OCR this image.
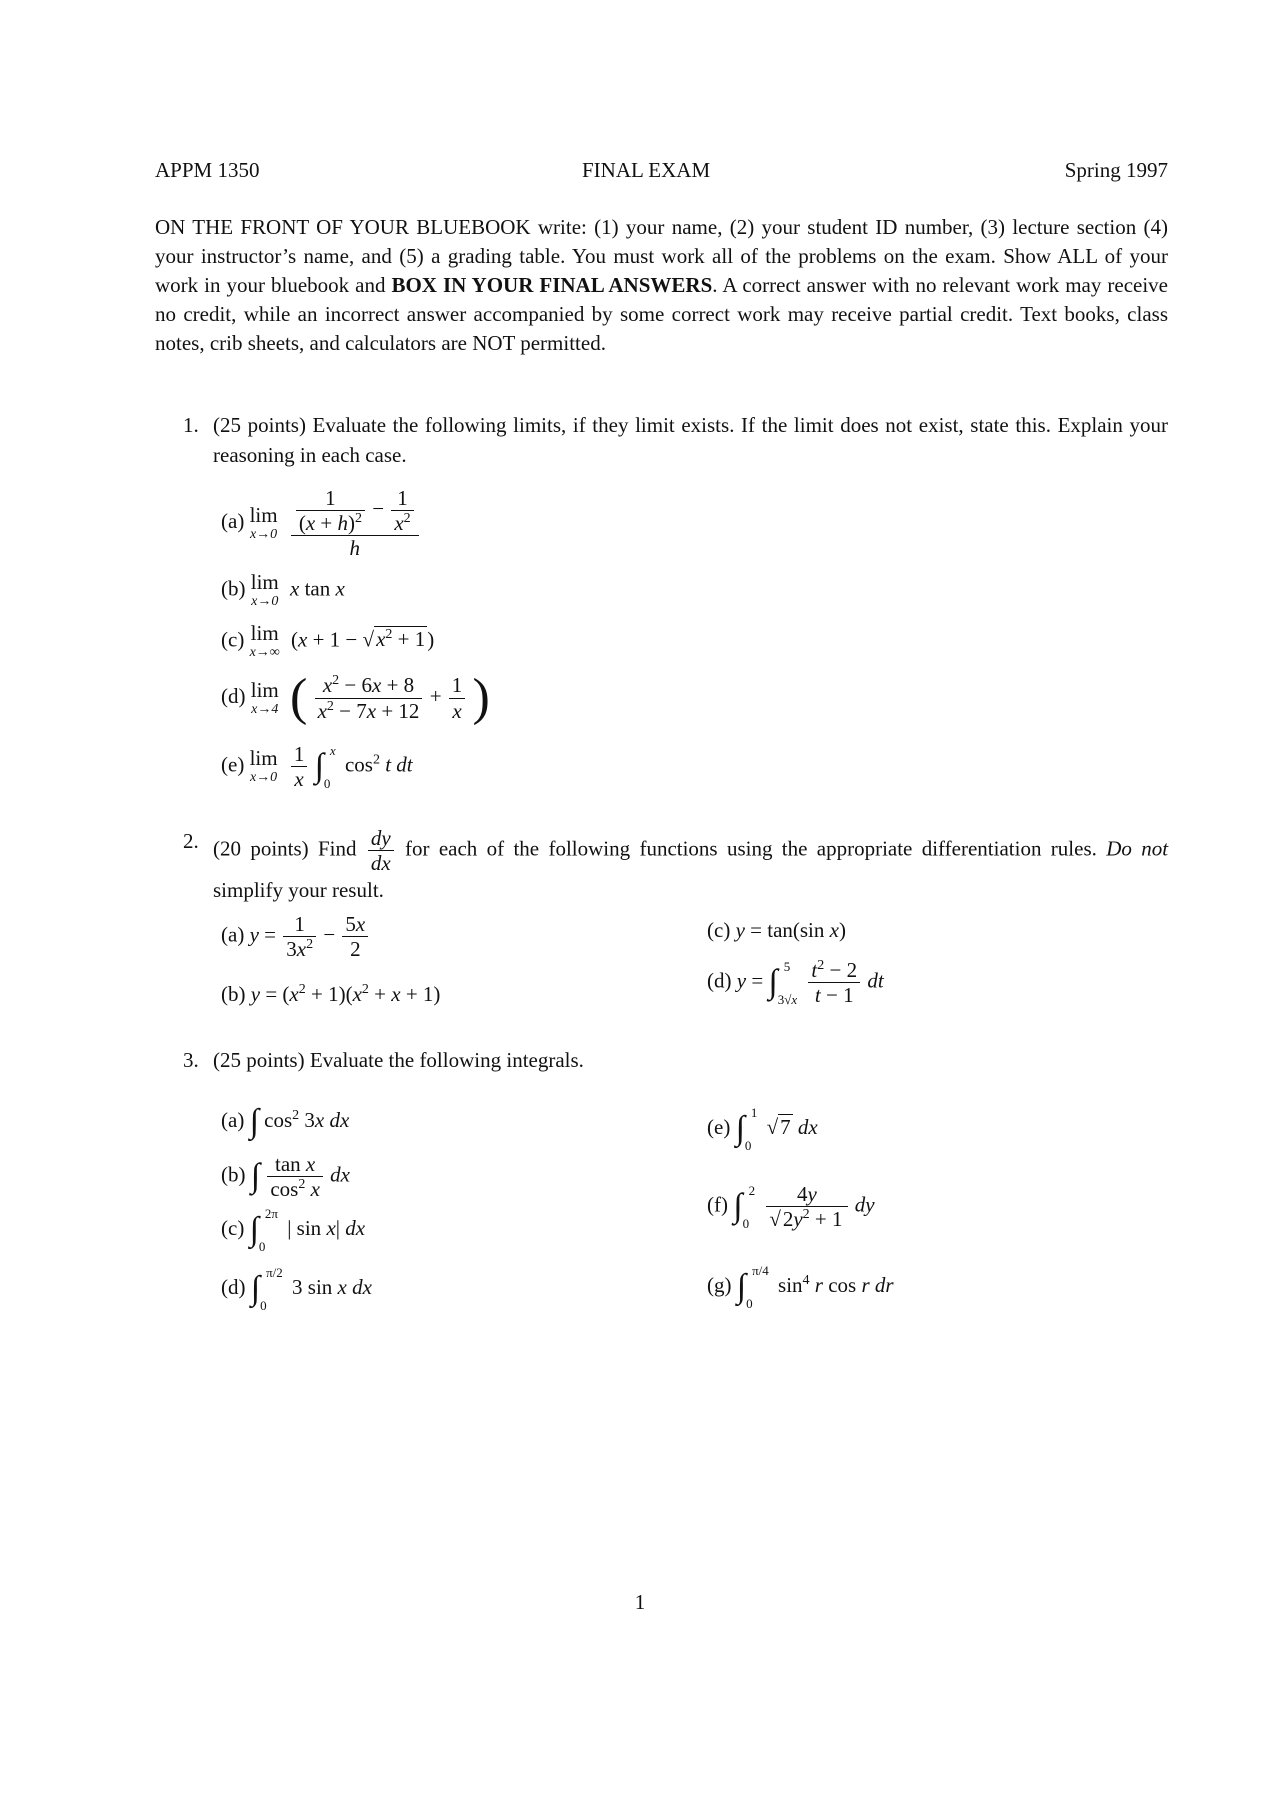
APPM 1350	FINAL EXAM	Spring 1997
ON THE FRONT OF YOUR BLUEBOOK write: (1) your name, (2) your student ID number, (3) lecture section (4) your instructor’s name, and (5) a grading table. You must work all of the problems on the exam. Show ALL of your work in your bluebook and BOX IN YOUR FINAL ANSWERS. A correct answer with no relevant work may receive no credit, while an incorrect answer accompanied by some correct work may receive partial credit. Text books, class notes, crib sheets, and calculators are NOT permitted.
1. (25 points) Evaluate the following limits, if they limit exists. If the limit does not exist, state this. Explain your reasoning in each case.
(a) lim
x→0
$\frac{\frac{1}{(x + h)^2} - \frac{1}{x^2}}{h}$
(b) lim
x→0
x tan x
(c) lim
x→∞
$(x + 1 - √x^2 + 1)$
(d) lim
x→4 ( $\frac{x^2 - 6x + 8}{x^2 - 7x + 12} + \frac{1}{x}$ )
(e) lim
x→0
$\frac{1}{x}$ ∫ x
0
$\cos^2 t$ dt
2. (20 points) Find $\frac{dy}{dx}$ for each of the following functions using the appropriate differentiation rules. Do not simplify your result.
(a) $y = \frac{1}{3x^2} - \frac{5x}{2}$
(b) $y = (x^2 + 1)(x^2 + x + 1)$
(c) y = tan(sin x)
(d) y = ∫ 5
3√x
$\frac{t^2 - 2}{t - 1}$ dt
3. (25 points) Evaluate the following integrals.
(a) ∫ $\cos^2 3x$ dx
(b) ∫ $\frac{\text{tan x}}{\cos^2 x}$ dx
(c) ∫ 2π
0
| sin x| dx
(d) ∫ π/2
0
3 sin x dx
(e) ∫ 1
0
√7 dx
(f) ∫ 2
0
$\frac{4y}{√2y^2 + 1}$ dy
(g) ∫ π/4
0
$\sin^4 r$ cos r dr
1
